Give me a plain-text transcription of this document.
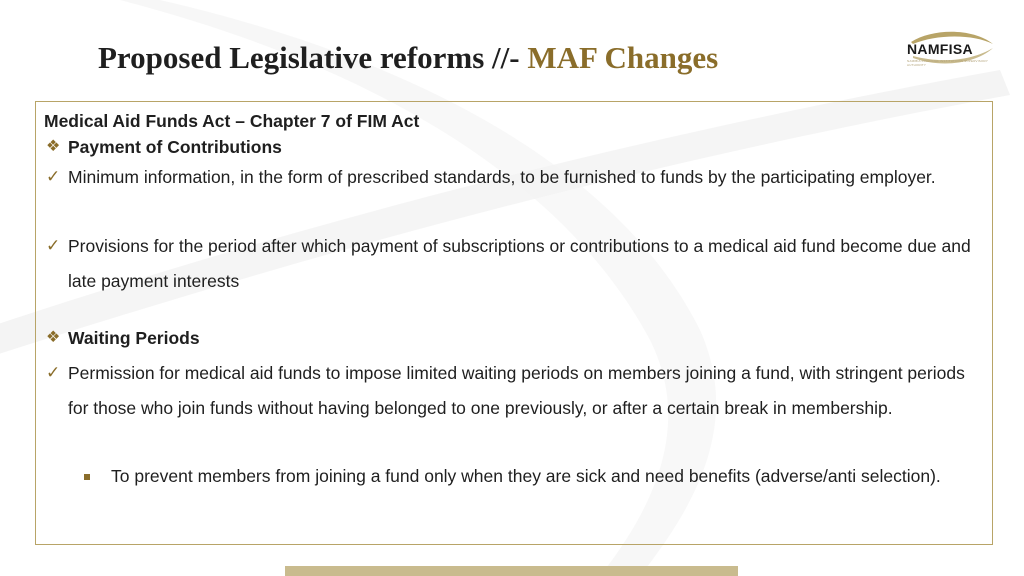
Proposed Legislative reforms //- MAF Changes	NAMFISA
NAMIBIA FINANCIAL INSTITUTIONS SUPERVISORY AUTHORITY
Medical Aid Funds Act – Chapter 7 of FIM Act
❖ Payment of Contributions
✓ Minimum information, in the form of prescribed standards, to be furnished to funds by the participating employer.
✓ Provisions for the period after which payment of subscriptions or contributions to a medical aid fund become due and late payment interests
❖ Waiting Periods
✓ Permission for medical aid funds to impose limited waiting periods on members joining a fund, with stringent periods for those who join funds without having belonged to one previously, or after a certain break in membership.
To prevent members from joining a fund only when they are sick and need benefits (adverse/anti selection).
